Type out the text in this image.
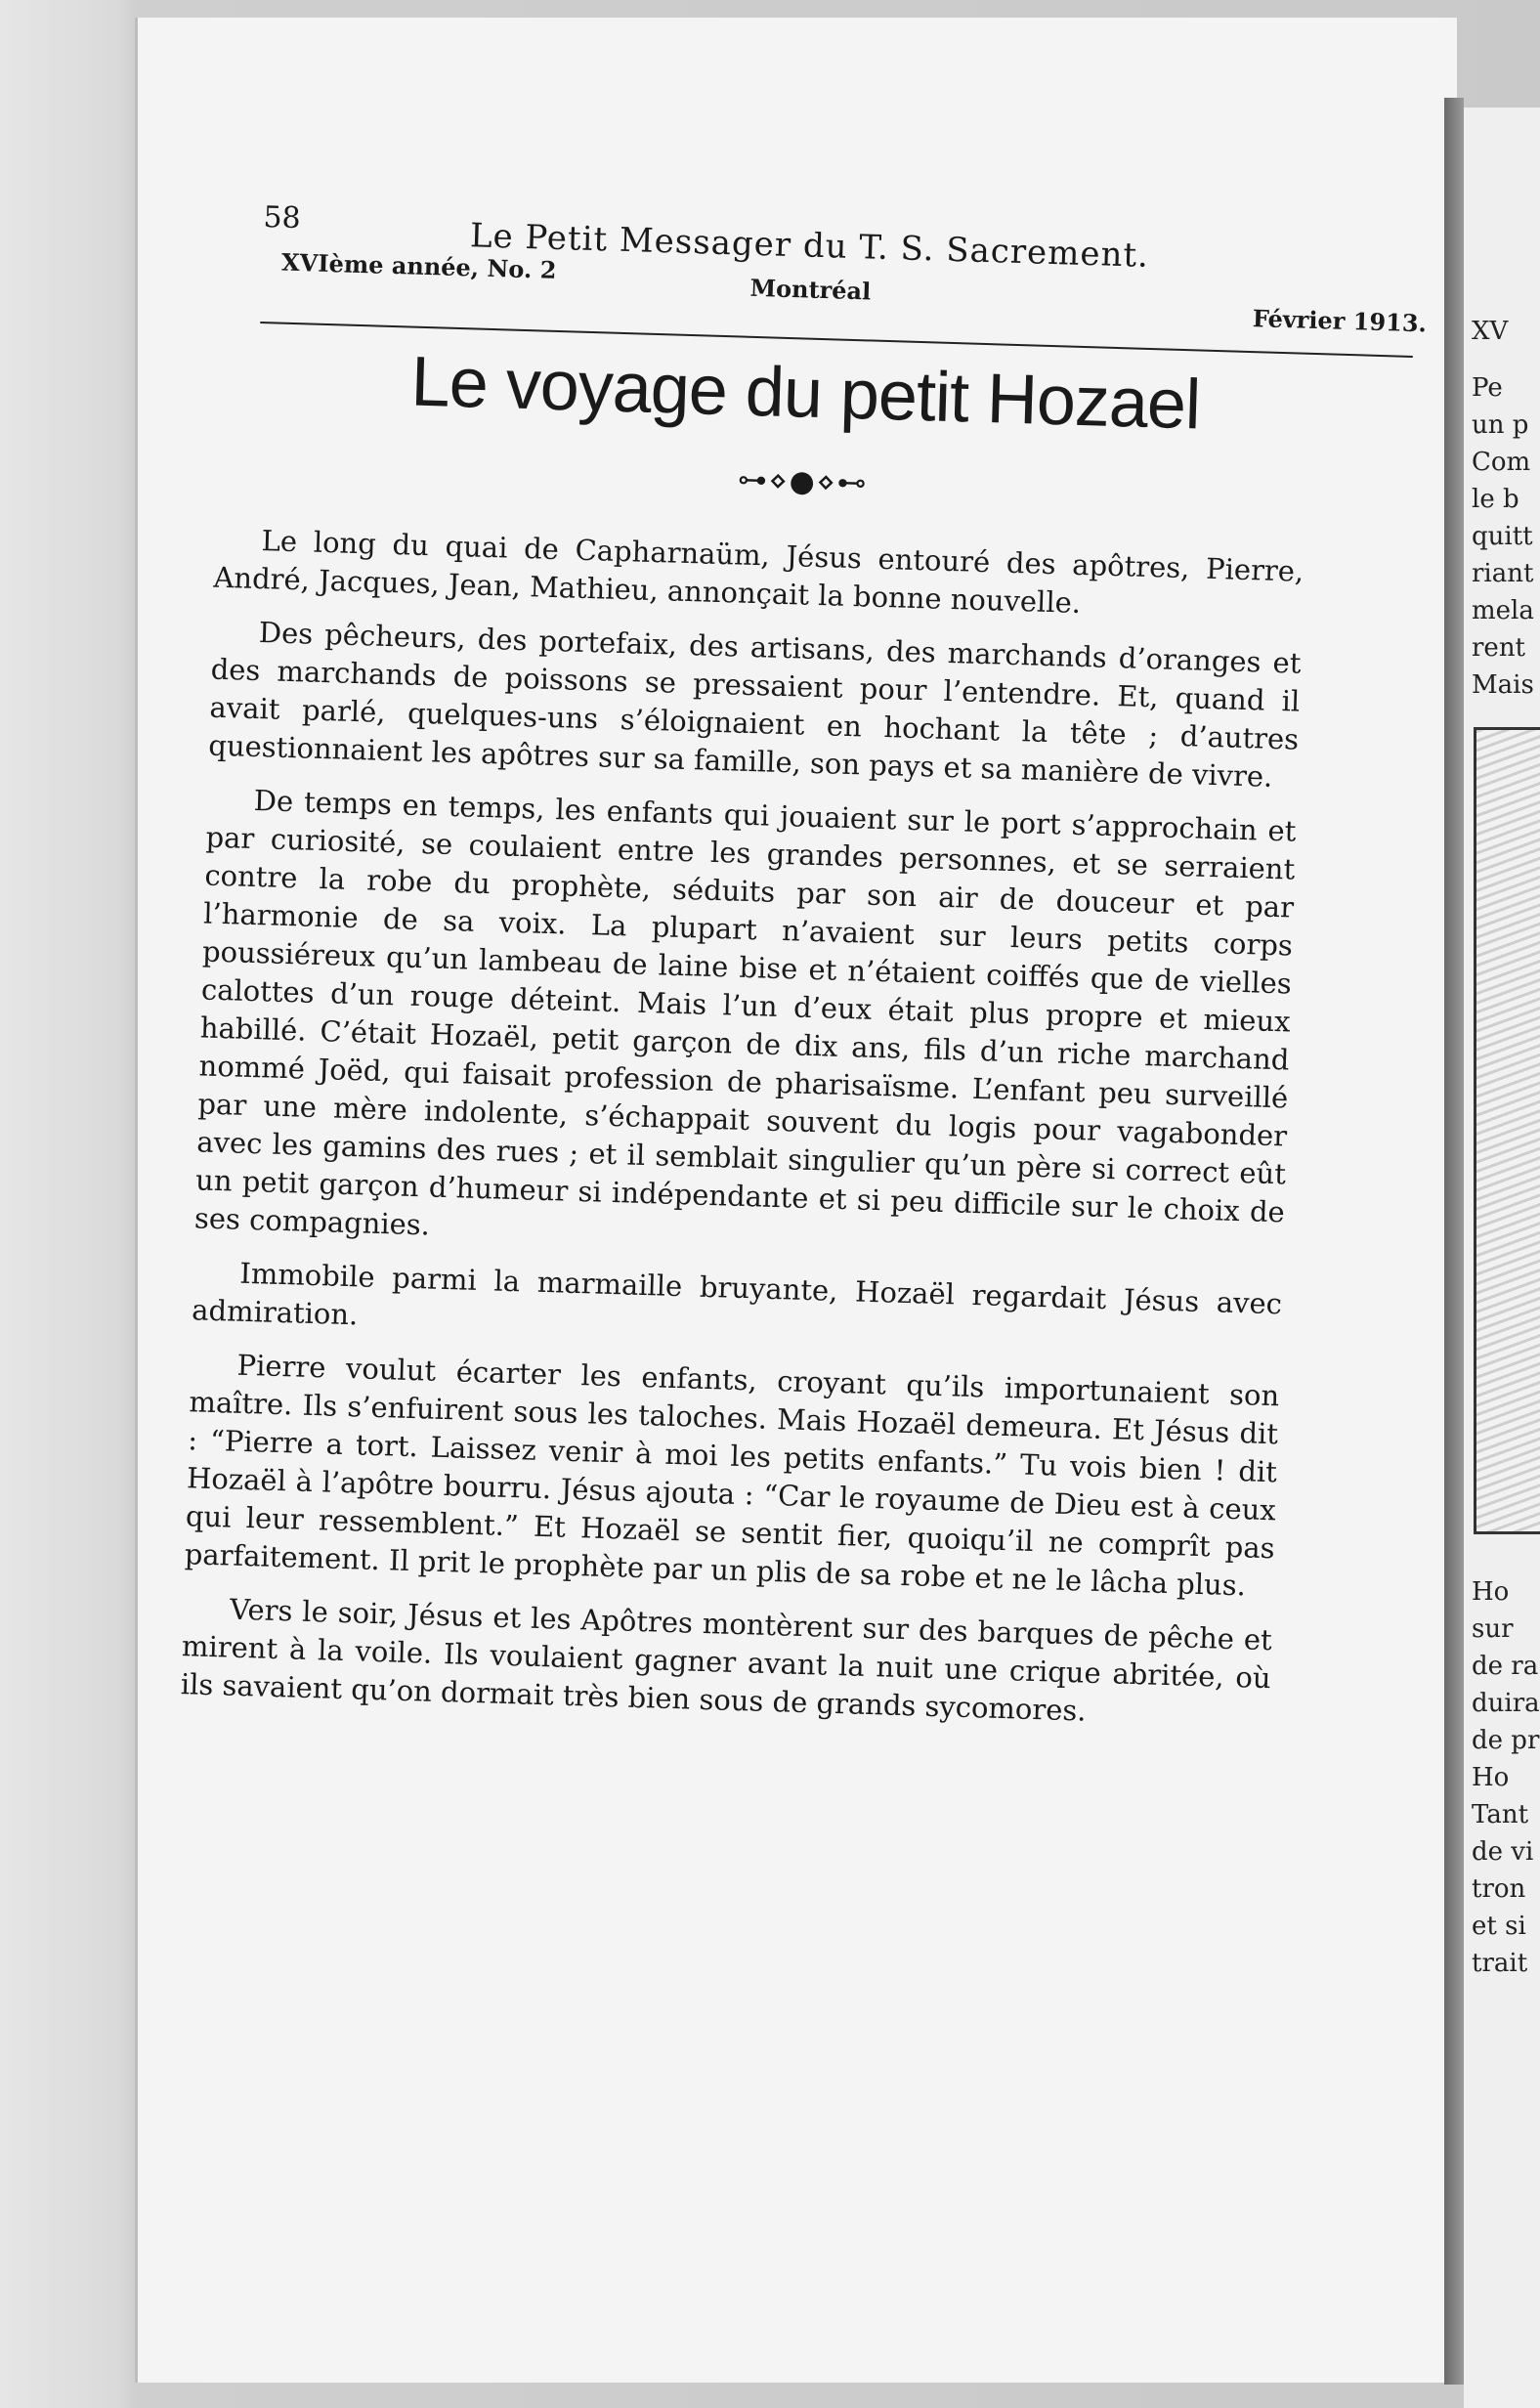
XV
Pe
un p
Com
le b
quitt
riant
mela
rent
Mais
Ho
sur
de ra
duira
de pr
Ho
Tant
de vi
tron
et si
trait
58	Le Petit Messager du T. S. Sacrement.
XVIème année, No. 2
Montréal
Février 1913.
Le voyage du petit Hozael
⊶⋄●⋄⊷

Le long du quai de Capharnaüm, Jésus entouré des apôtres, Pierre, André, Jacques, Jean, Mathieu, annonçait la bonne nouvelle.

Des pêcheurs, des portefaix, des artisans, des marchands d’oranges et des marchands de poissons se pressaient pour l’entendre. Et, quand il avait parlé, quelques-uns s’éloignaient en hochant la tête ; d’autres questionnaient les apôtres sur sa famille, son pays et sa manière de vivre.

De temps en temps, les enfants qui jouaient sur le port s’approchain et par curiosité, se coulaient entre les grandes personnes, et se serraient contre la robe du prophète, séduits par son air de douceur et par l’harmonie de sa voix. La plupart n’avaient sur leurs petits corps poussiéreux qu’un lambeau de laine bise et n’étaient coiffés que de vielles calottes d’un rouge déteint. Mais l’un d’eux était plus propre et mieux habillé. C’était Hozaël, petit garçon de dix ans, fils d’un riche marchand nommé Joëd, qui faisait profession de pharisaïsme. L’enfant peu surveillé par une mère indolente, s’échappait souvent du logis pour vagabonder avec les gamins des rues ; et il semblait singulier qu’un père si correct eût un petit garçon d’humeur si indépendante et si peu difficile sur le choix de ses compagnies.

Immobile parmi la marmaille bruyante, Hozaël regardait Jésus avec admiration.

Pierre voulut écarter les enfants, croyant qu’ils importunaient son maître. Ils s’enfuirent sous les taloches. Mais Hozaël demeura. Et Jésus dit : “Pierre a tort. Laissez venir à moi les petits enfants.” Tu vois bien ! dit Hozaël à l’apôtre bourru. Jésus ajouta : “Car le royaume de Dieu est à ceux qui leur ressemblent.” Et Hozaël se sentit fier, quoiqu’il ne comprît pas parfaitement. Il prit le prophète par un plis de sa robe et ne le lâcha plus.

Vers le soir, Jésus et les Apôtres montèrent sur des barques de pêche et mirent à la voile. Ils voulaient gagner avant la nuit une crique abritée, où ils savaient qu’on dormait très bien sous de grands sycomores.
